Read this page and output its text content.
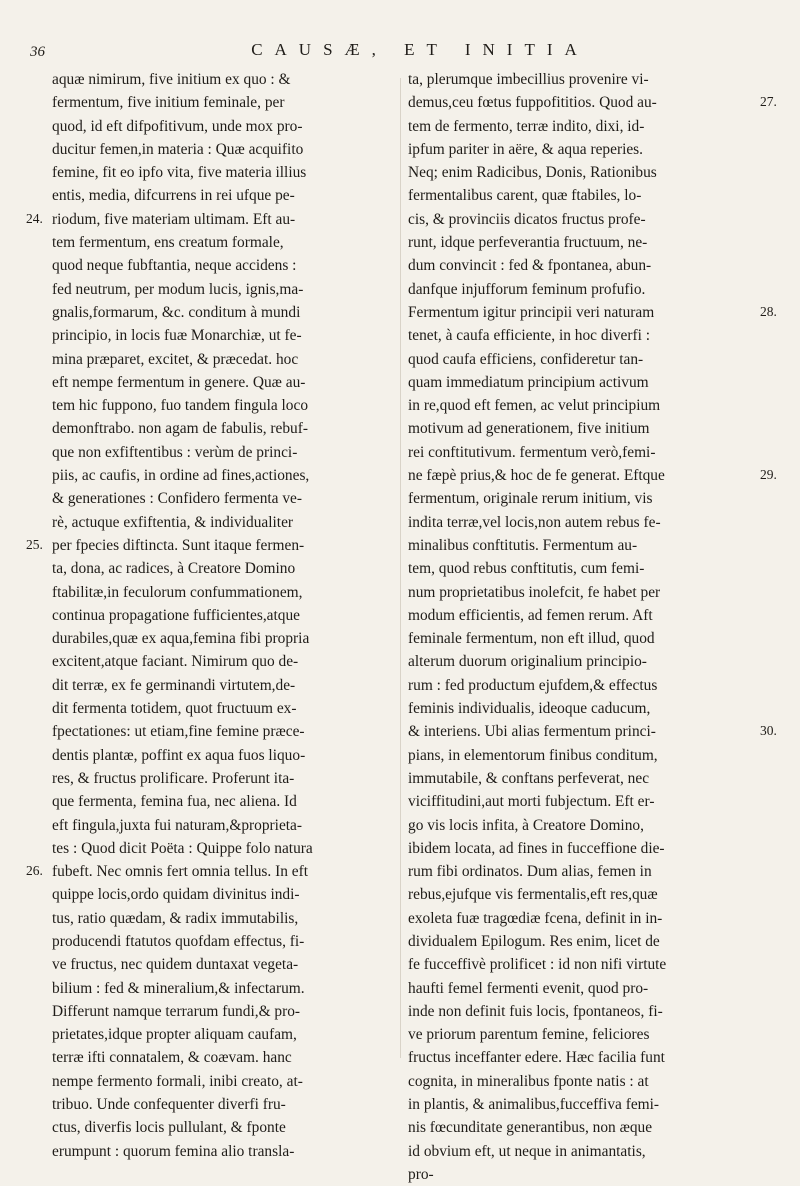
36	CAUSÆ, ET INITIA
aquæ nimirum, five initium ex quo : &
fermentum, five initium feminale, per
quod, id eft difpofitivum, unde mox pro-
ducitur femen,in materia : Quæ acquifito
femine, fit eo ipfo vita, five materia illius
entis, media, difcurrens in rei ufque pe-
riodum, five materiam ultimam. Eft au-
tem fermentum, ens creatum formale,
quod neque fubftantia, neque accidens :
fed neutrum, per modum lucis, ignis,ma-
gnalis,formarum, &c. conditum à mundi
principio, in locis fuæ Monarchiæ, ut fe-
mina præparet, excitet, & præcedat. hoc
eft nempe fermentum in genere. Quæ au-
tem hic fuppono, fuo tandem fingula loco
demonftrabo. non agam de fabulis, rebuf-
que non exfiftentibus : verùm de princi-
piis, ac caufis, in ordine ad fines,actiones,
& generationes : Confidero fermenta ve-
rè, actuque exfiftentia, & individualiter
per fpecies diftincta. Sunt itaque fermen-
ta, dona, ac radices, à Creatore Domino
ftabilitæ,in feculorum confummationem,
continua propagatione fufficientes,atque
durabiles,quæ ex aqua,femina fibi propria
excitent,atque faciant. Nimirum quo de-
dit terræ, ex fe germinandi virtutem,de-
dit fermenta totidem, quot fructuum ex-
fpectationes: ut etiam,fine femine præce-
dentis plantæ, poffint ex aqua fuos liquo-
res, & fructus prolificare. Proferunt ita-
que fermenta, femina fua, nec aliena. Id
eft fingula,juxta fui naturam,&proprieta-
tes : Quod dicit Poëta : Quippe folo natura
fubeft. Nec omnis fert omnia tellus. In eft
quippe locis,ordo quidam divinitus indi-
tus, ratio quædam, & radix immutabilis,
producendi ftatutos quofdam effectus, fi-
ve fructus, nec quidem duntaxat vegeta-
bilium : fed & mineralium,& infectarum.
Differunt namque terrarum fundi,& pro-
prietates,idque propter aliquam caufam,
terræ ifti connatalem, & coævam. hanc
nempe fermento formali, inibi creato, at-
tribuo. Unde confequenter diverfi fru-
ctus, diverfis locis pullulant, & fponte
erumpunt : quorum femina alio transla-
ta, plerumque imbecillius provenire vi-
demus,ceu fœtus fuppofititios. Quod au-
tem de fermento, terræ indito, dixi, id-
ipfum pariter in aëre, & aqua reperies.
Neq; enim Radicibus, Donis, Rationibus
fermentalibus carent, quæ ftabiles, lo-
cis, & provinciis dicatos fructus profe-
runt, idque perfeverantia fructuum, ne-
dum convincit : fed & fpontanea, abun-
danfque injufforum feminum profufio.
Fermentum igitur principii veri naturam
tenet, à caufa efficiente, in hoc diverfi :
quod caufa efficiens, confideretur tan-
quam immediatum principium activum
in re,quod eft femen, ac velut principium
motivum ad generationem, five initium
rei conftitutivum. fermentum verò,femi-
ne fæpè prius,& hoc de fe generat. Eftque
fermentum, originale rerum initium, vis
indita terræ,vel locis,non autem rebus fe-
minalibus conftitutis. Fermentum au-
tem, quod rebus conftitutis, cum femi-
num proprietatibus inolefcit, fe habet per
modum efficientis, ad femen rerum. Aft
feminale fermentum, non eft illud, quod
alterum duorum originalium principio-
rum : fed productum ejufdem,& effectus
feminis individualis, ideoque caducum,
& interiens. Ubi alias fermentum princi-
pians, in elementorum finibus conditum,
immutabile, & conftans perfeverat, nec
viciffitudini,aut morti fubjectum. Eft er-
go vis locis infita, à Creatore Domino,
ibidem locata, ad fines in fucceffione die-
rum fibi ordinatos. Dum alias, femen in
rebus,ejufque vis fermentalis,eft res,quæ
exoleta fuæ tragœdiæ fcena, definit in in-
dividualem Epilogum. Res enim, licet de
fe fucceffivè prolificet : id non nifi virtute
haufti femel fermenti evenit, quod pro-
inde non definit fuis locis, fpontaneos, fi-
ve priorum parentum femine, feliciores
fructus inceffanter edere. Hæc facilia funt
cognita, in mineralibus fponte natis : at
in plantis, & animalibus,fucceffiva femi-
nis fœcunditate generantibus, non æque
id obvium eft, ut neque in animantatis,
pro-
24.
25.
26.
27.
28.
29.
30.
